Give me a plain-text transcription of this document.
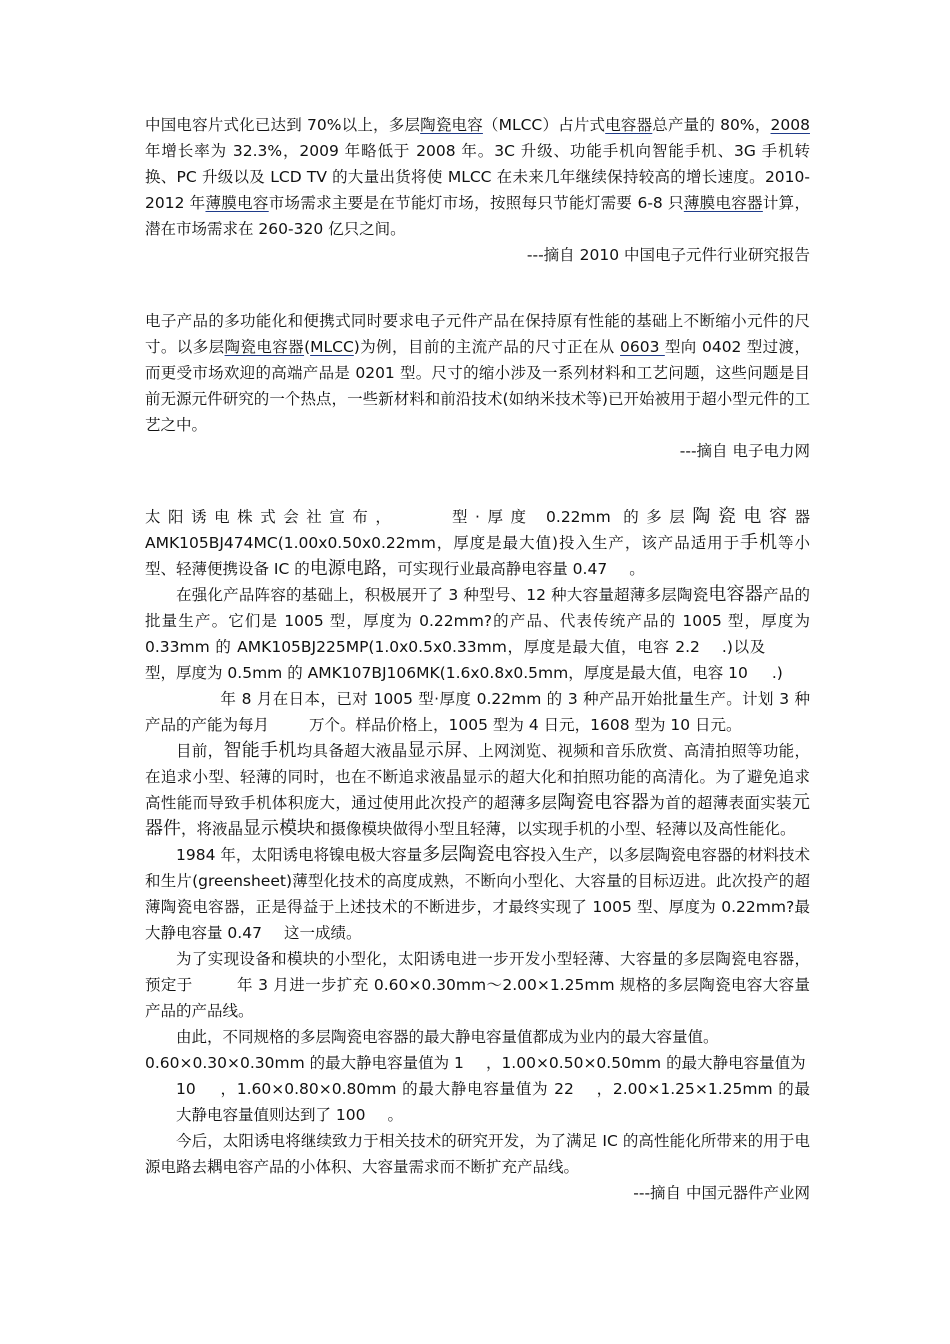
中国电容片式化已达到 70%以上，多层陶瓷电容（MLCC）占片式电容器总产量的 80%，2008 年增长率为 32.3%，2009 年略低于 2008 年。3C 升级、功能手机向智能手机、3G 手机转换、PC 升级以及 LCD TV 的大量出货将使 MLCC 在未来几年继续保持较高的增长速度。2010-2012 年薄膜电容市场需求主要是在节能灯市场，按照每只节能灯需要 6-8 只薄膜电容器计算，潜在市场需求在 260-320 亿只之间。

---摘自 2010 中国电子元件行业研究报告

电子产品的多功能化和便携式同时要求电子元件产品在保持原有性能的基础上不断缩小元件的尺寸。以多层陶瓷电容器(MLCC)为例，目前的主流产品的尺寸正在从 0603 型向 0402 型过渡，而更受市场欢迎的高端产品是 0201 型。尺寸的缩小涉及一系列材料和工艺问题，这些问题是目前无源元件研究的一个热点，一些新材料和前沿技术(如纳米技术等)已开始被用于超小型元件的工艺之中。

---摘自 电子电力网

太阳诱电株式会社宣布，	型·厚度 0.22mm 的多层陶瓷电容器 AMK105BJ474MC(1.00x0.50x0.22mm，厚度是最大值)投入生产，该产品适用于手机等小型、轻薄便携设备 IC 的电源电路，可实现行业最高静电容量 0.47 。

在强化产品阵容的基础上，积极展开了 3 种型号、12 种大容量超薄多层陶瓷电容器产品的批量生产。它们是 1005 型，厚度为 0.22mm?的产品、代表传统产品的 1005 型，厚度为 0.33mm 的 AMK105BJ225MP(1.0x0.5x0.33mm，厚度是最大值，电容 2.2 .)以及型，厚度为 0.5mm 的 AMK107BJ106MK(1.6x0.8x0.5mm，厚度是最大值，电容 10 .)

年 8 月在日本，已对 1005 型·厚度 0.22mm 的 3 种产品开始批量生产。计划 3 种产品的产能为每月	万个。样品价格上，1005 型为 4 日元，1608 型为 10 日元。

目前，智能手机均具备超大液晶显示屏、上网浏览、视频和音乐欣赏、高清拍照等功能，在追求小型、轻薄的同时，也在不断追求液晶显示的超大化和拍照功能的高清化。为了避免追求高性能而导致手机体积庞大，通过使用此次投产的超薄多层陶瓷电容器为首的超薄表面实装元器件，将液晶显示模块和摄像模块做得小型且轻薄，以实现手机的小型、轻薄以及高性能化。

1984 年，太阳诱电将镍电极大容量多层陶瓷电容投入生产，以多层陶瓷电容器的材料技术和生片(greensheet)薄型化技术的高度成熟，不断向小型化、大容量的目标迈进。此次投产的超薄陶瓷电容器，正是得益于上述技术的不断进步，才最终实现了 1005 型、厚度为 0.22mm?最大静电容量 0.47 这一成绩。

为了实现设备和模块的小型化，太阳诱电进一步开发小型轻薄、大容量的多层陶瓷电容器，预定于	年 3 月进一步扩充 0.60×0.30mm～2.00×1.25mm 规格的多层陶瓷电容大容量产品的产品线。

由此，不同规格的多层陶瓷电容器的最大静电容量值都成为业内的最大容量值。

0.60×0.30×0.30mm 的最大静电容量值为 1 ，1.00×0.50×0.50mm 的最大静电容量值为

10 ，1.60×0.80×0.80mm 的最大静电容量值为 22 ，2.00×1.25×1.25mm 的最大静电容量值则达到了 100 。

今后，太阳诱电将继续致力于相关技术的研究开发，为了满足 IC 的高性能化所带来的用于电源电路去耦电容产品的小体积、大容量需求而不断扩充产品线。

---摘自 中国元器件产业网
